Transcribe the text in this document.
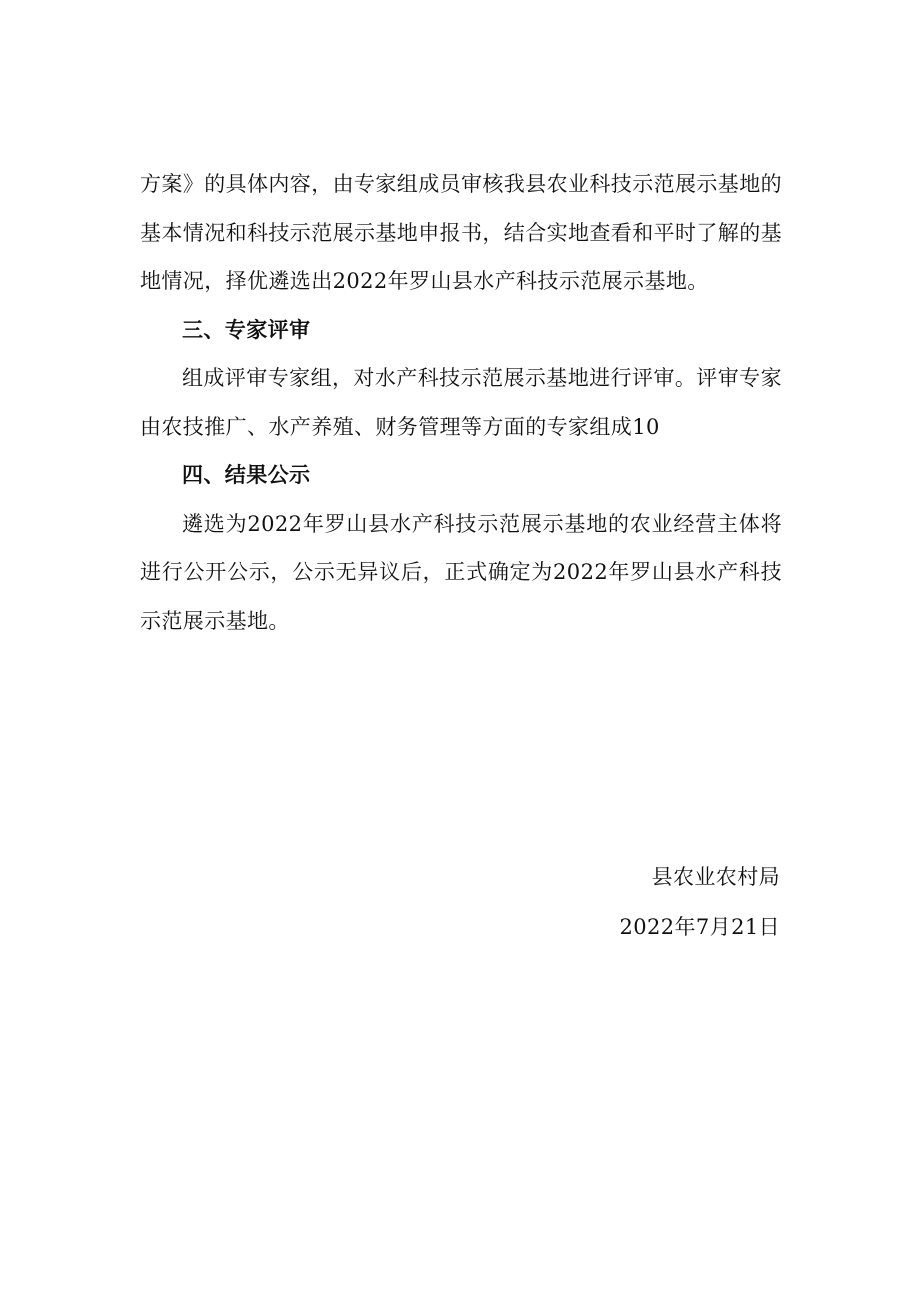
方案》的具体内容，由专家组成员审核我县农业科技示范展示基地的基本情况和科技示范展示基地申报书，结合实地查看和平时了解的基地情况，择优遴选出2022年罗山县水产科技示范展示基地。

三、专家评审

组成评审专家组，对水产科技示范展示基地进行评审。评审专家由农技推广、水产养殖、财务管理等方面的专家组成10

四、结果公示

遴选为2022年罗山县水产科技示范展示基地的农业经营主体将进行公开公示，公示无异议后，正式确定为2022年罗山县水产科技示范展示基地。

县农业农村局
2022年7月21日
